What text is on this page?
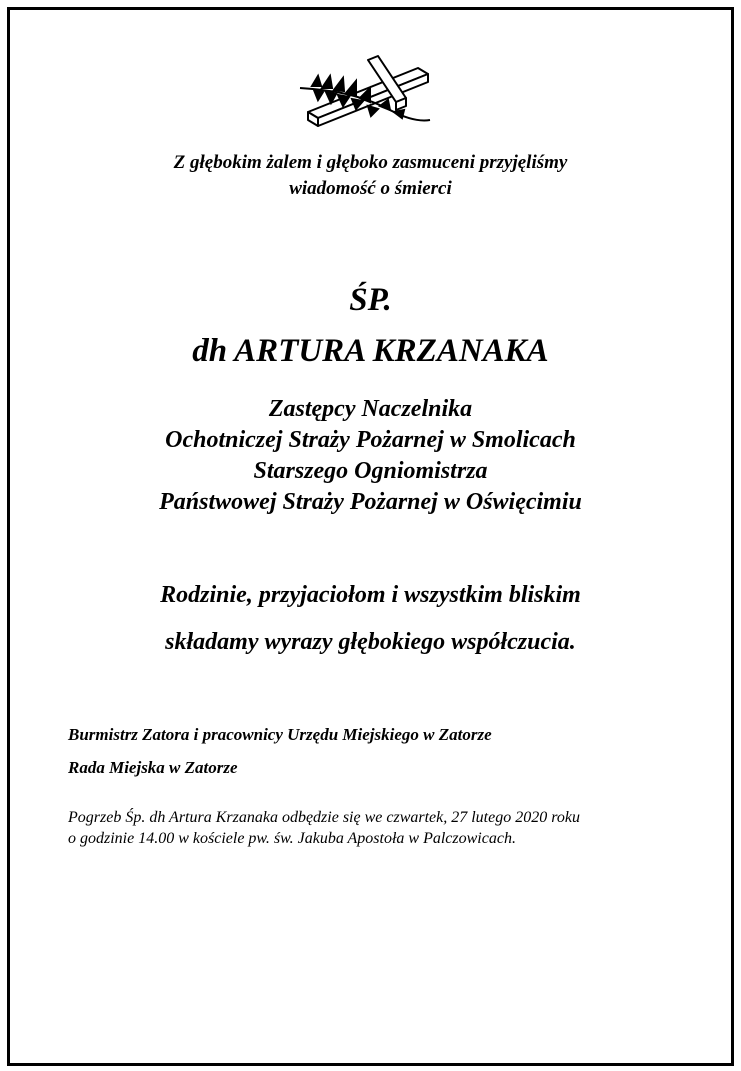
Z głębokim żalem i głęboko zasmuceni przyjęliśmy
wiadomość o śmierci
ŚP.
dh ARTURA KRZANAKA
Zastępcy Naczelnika
Ochotniczej Straży Pożarnej w Smolicach
Starszego Ogniomistrza
Państwowej Straży Pożarnej w Oświęcimiu
Rodzinie, przyjaciołom i wszystkim bliskim
składamy wyrazy głębokiego współczucia.
Burmistrz Zatora i pracownicy Urzędu Miejskiego w Zatorze
Rada Miejska w Zatorze
Pogrzeb Śp. dh Artura Krzanaka odbędzie się we czwartek, 27 lutego 2020 roku
o godzinie 14.00 w kościele pw. św. Jakuba Apostoła w Palczowicach.
